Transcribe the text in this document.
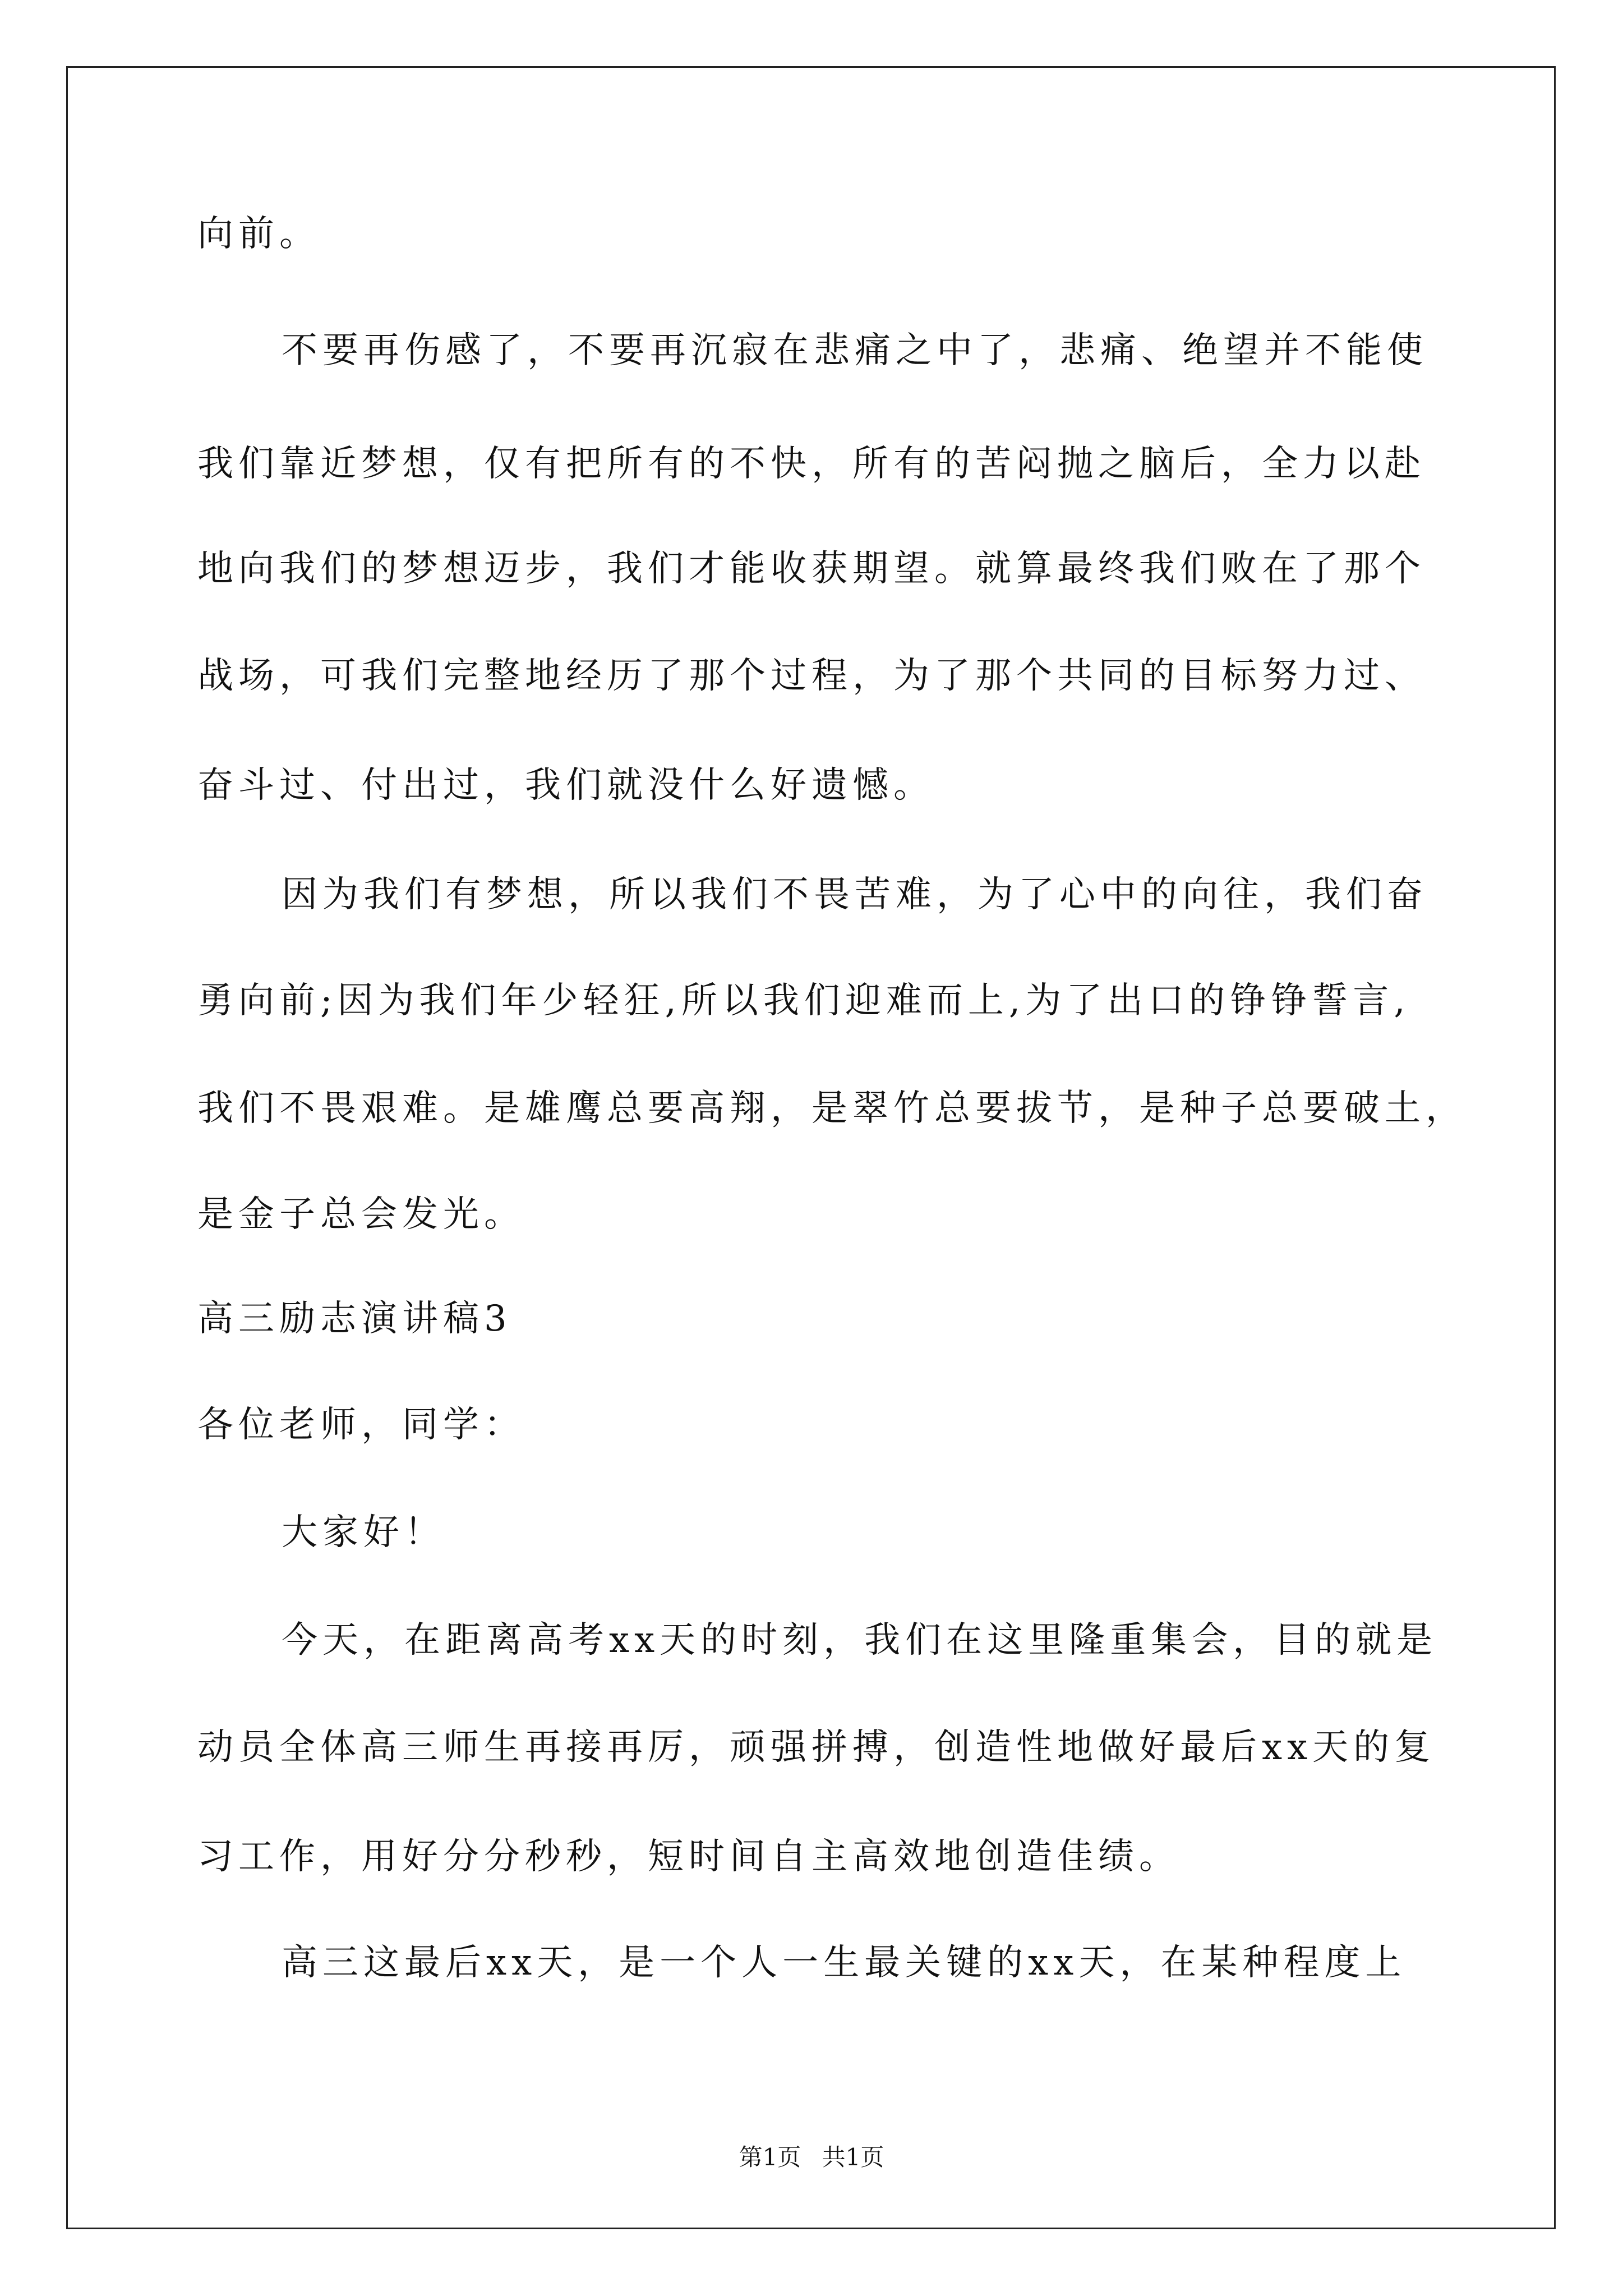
向前。
不要再伤感了，不要再沉寂在悲痛之中了，悲痛、绝望并不能使
我们靠近梦想，仅有把所有的不快，所有的苦闷抛之脑后，全力以赴
地向我们的梦想迈步，我们才能收获期望。就算最终我们败在了那个
战场，可我们完整地经历了那个过程，为了那个共同的目标努力过、
奋斗过、付出过，我们就没什么好遗憾。
因为我们有梦想，所以我们不畏苦难，为了心中的向往，我们奋
勇向前;因为我们年少轻狂,所以我们迎难而上,为了出口的铮铮誓言,
我们不畏艰难。是雄鹰总要高翔，是翠竹总要拔节，是种子总要破土，
是金子总会发光。
高三励志演讲稿3
各位老师，同学：
大家好！
今天，在距离高考xx天的时刻，我们在这里隆重集会，目的就是
动员全体高三师生再接再厉，顽强拼搏，创造性地做好最后xx天的复
习工作，用好分分秒秒，短时间自主高效地创造佳绩。
高三这最后xx天，是一个人一生最关键的xx天，在某种程度上
第1页 共1页
